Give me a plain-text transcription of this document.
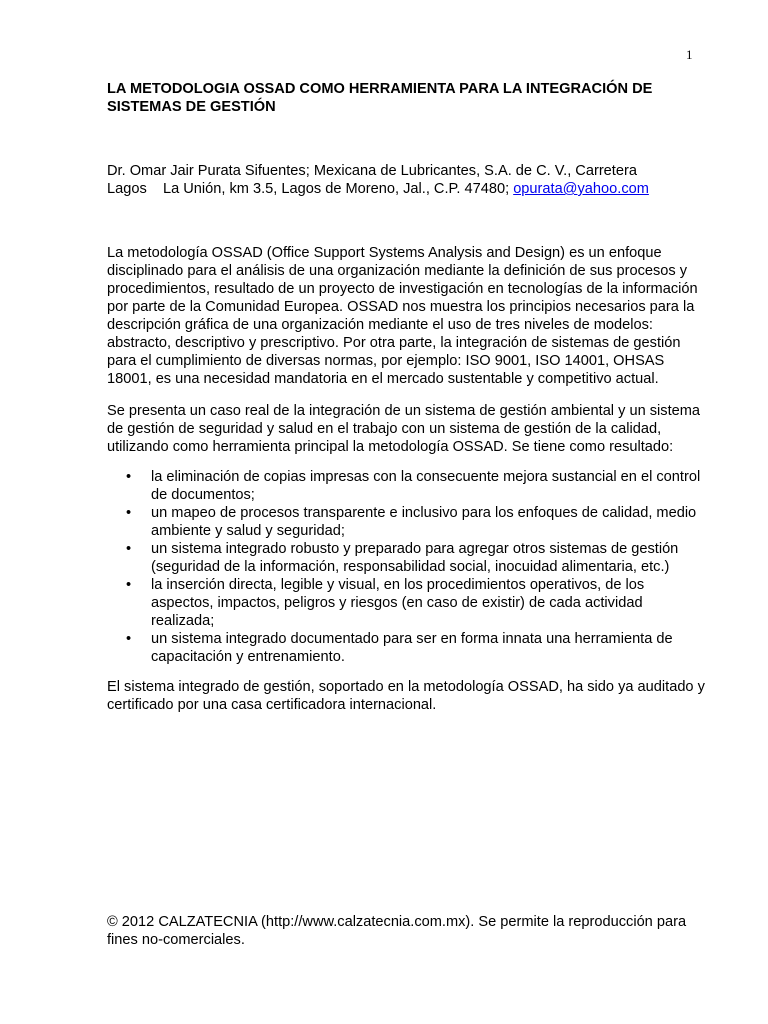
1
LA METODOLOGIA OSSAD COMO HERRAMIENTA PARA LA INTEGRACIÓN DE SISTEMAS DE GESTIÓN

Dr. Omar Jair Purata Sifuentes; Mexicana de Lubricantes, S.A. de C. V., Carretera
Lagos    La Unión, km 3.5, Lagos de Moreno, Jal., C.P. 47480; opurata@yahoo.com

La metodología OSSAD (Office Support Systems Analysis and Design) es un enfoque disciplinado para el análisis de una organización mediante la definición de sus procesos y procedimientos, resultado de un proyecto de investigación en tecnologías de la información por parte de la Comunidad Europea. OSSAD nos muestra los principios necesarios para la descripción gráfica de una organización mediante el uso de tres niveles de modelos: abstracto, descriptivo y prescriptivo. Por otra parte, la integración de sistemas de gestión para el cumplimiento de diversas normas, por ejemplo: ISO 9001, ISO 14001, OHSAS 18001, es una necesidad mandatoria en el mercado sustentable y competitivo actual.

Se presenta un caso real de la integración de un sistema de gestión ambiental y un sistema de gestión de seguridad y salud en el trabajo con un sistema de gestión de la calidad, utilizando como herramienta principal la metodología OSSAD. Se tiene como resultado:

• la eliminación de copias impresas con la consecuente mejora sustancial en el control de documentos;
• un mapeo de procesos transparente e inclusivo para los enfoques de calidad, medio ambiente y salud y seguridad;
• un sistema integrado robusto y preparado para agregar otros sistemas de gestión (seguridad de la información, responsabilidad social, inocuidad alimentaria, etc.)
• la inserción directa, legible y visual, en los procedimientos operativos, de los aspectos, impactos, peligros y riesgos (en caso de existir) de cada actividad realizada;
• un sistema integrado documentado para ser en forma innata una herramienta de capacitación y entrenamiento.

El sistema integrado de gestión, soportado en la metodología OSSAD, ha sido ya auditado y certificado por una casa certificadora internacional.

© 2012 CALZATECNIA (http://www.calzatecnia.com.mx). Se permite la reproducción para fines no-comerciales.
